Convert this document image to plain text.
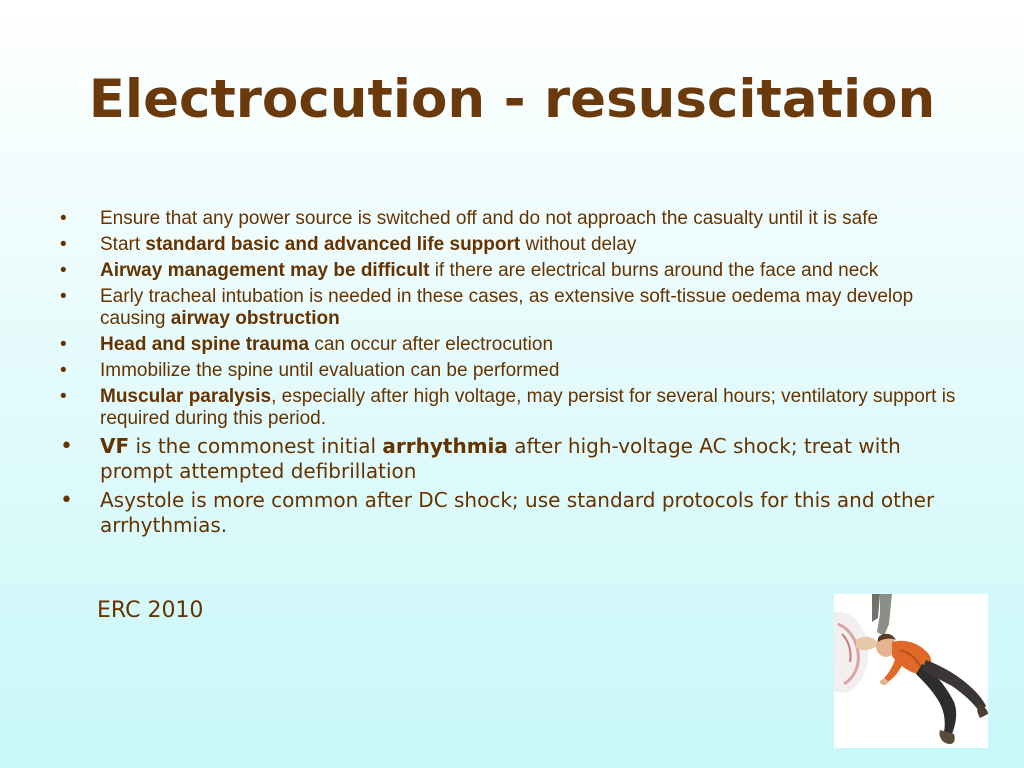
Electrocution - resuscitation
• Ensure that any power source is switched off and do not approach the casualty until it is safe
• Start standard basic and advanced life support without delay
• Airway management may be difficult if there are electrical burns around the face and neck
• Early tracheal intubation is needed in these cases, as extensive soft-tissue oedema may develop causing airway obstruction
• Head and spine trauma can occur after electrocution
• Immobilize the spine until evaluation can be performed
• Muscular paralysis, especially after high voltage, may persist for several hours; ventilatory support is required during this period.
• VF is the commonest initial arrhythmia after high-voltage AC shock; treat with prompt attempted defibrillation
• Asystole is more common after DC shock; use standard protocols for this and other arrhythmias.

ERC 2010
